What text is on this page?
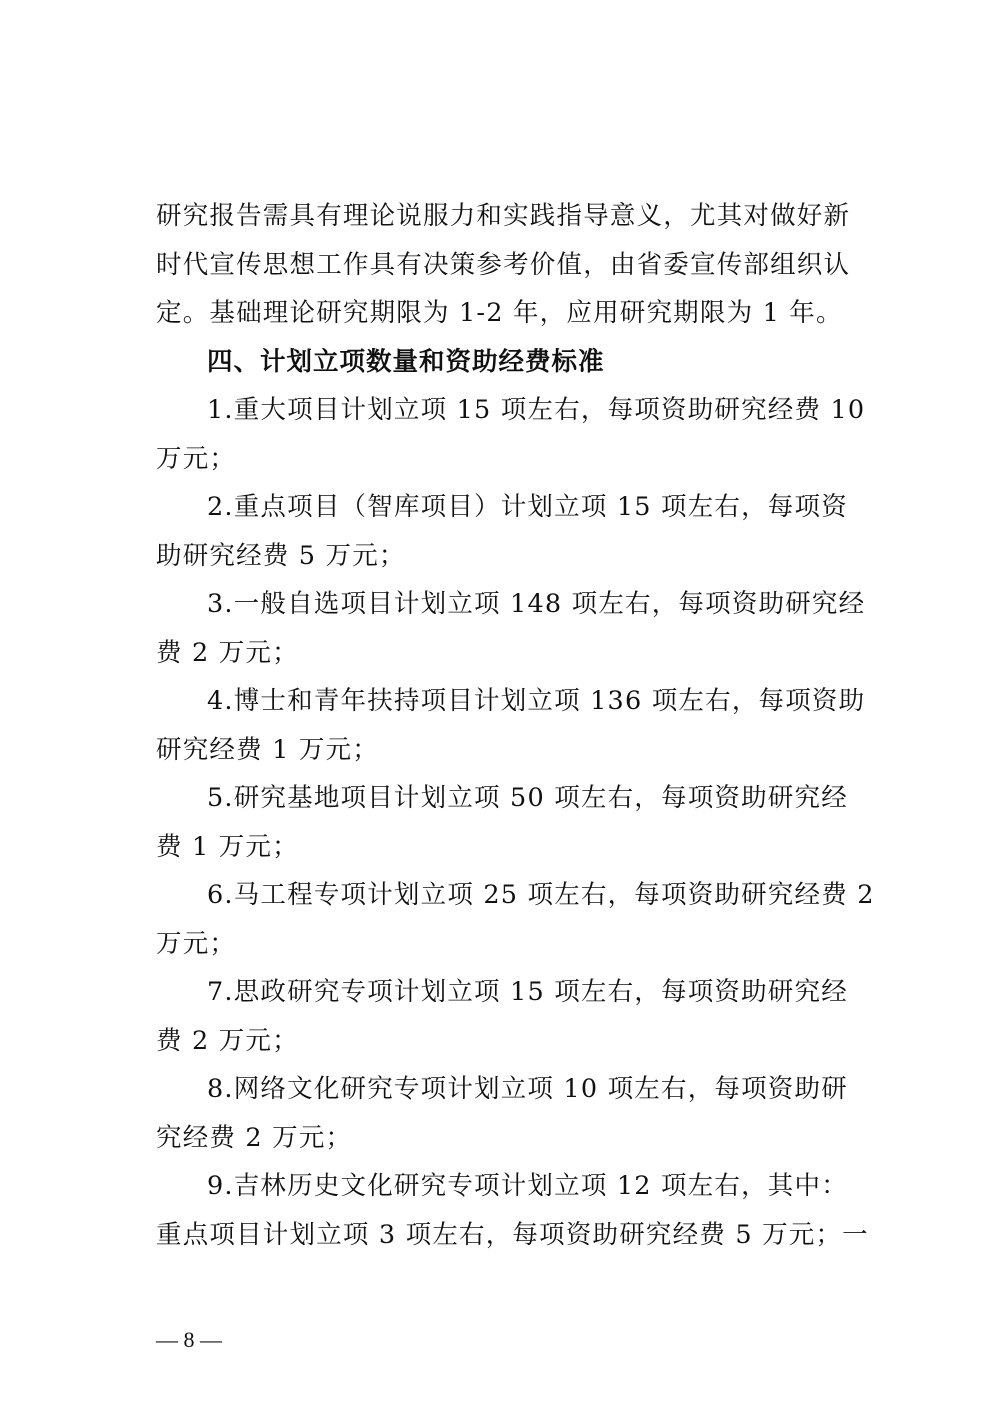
研究报告需具有理论说服力和实践指导意义，尤其对做好新
时代宣传思想工作具有决策参考价值，由省委宣传部组织认
定。基础理论研究期限为 1-2 年，应用研究期限为 1 年。
四、计划立项数量和资助经费标准
1.重大项目计划立项 15 项左右，每项资助研究经费 10
万元；
2.重点项目（智库项目）计划立项 15 项左右，每项资
助研究经费 5 万元；
3.一般自选项目计划立项 148 项左右，每项资助研究经
费 2 万元；
4.博士和青年扶持项目计划立项 136 项左右，每项资助
研究经费 1 万元；
5.研究基地项目计划立项 50 项左右，每项资助研究经
费 1 万元；
6.马工程专项计划立项 25 项左右，每项资助研究经费 2
万元；
7.思政研究专项计划立项 15 项左右，每项资助研究经
费 2 万元；
8.网络文化研究专项计划立项 10 项左右，每项资助研
究经费 2 万元；
9.吉林历史文化研究专项计划立项 12 项左右，其中：
重点项目计划立项 3 项左右，每项资助研究经费 5 万元；一
— 8 —
